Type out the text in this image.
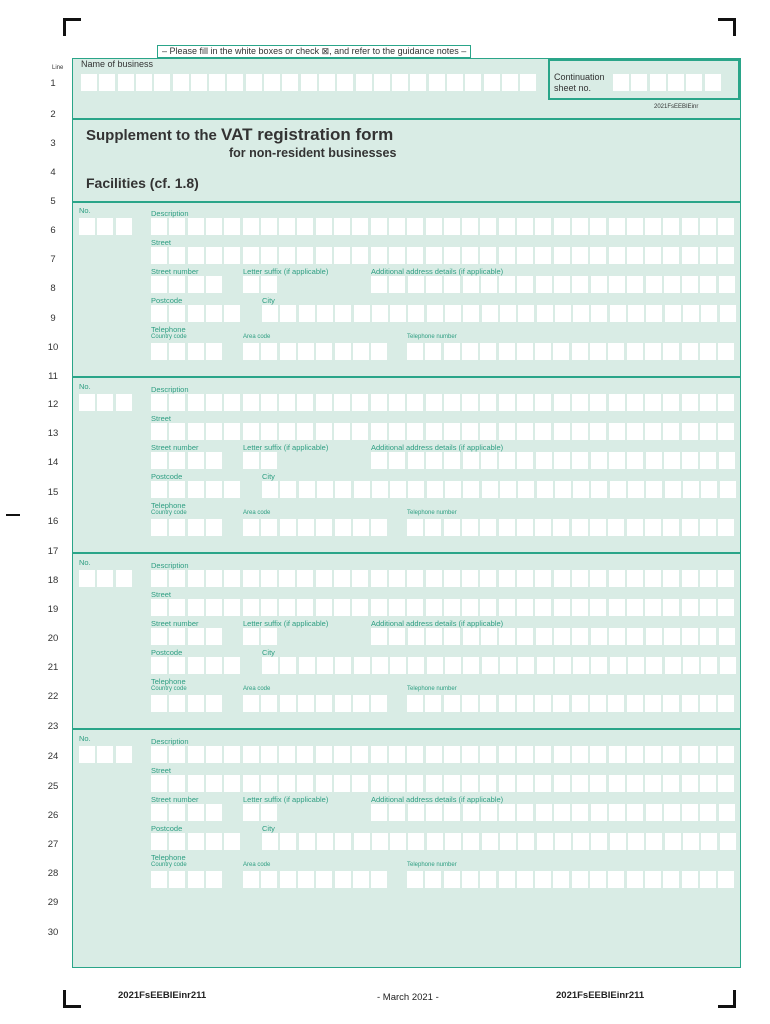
– Please fill in the white boxes or check ⊠, and refer to the guidance notes –
Line
Supplement to the VAT registration form
for non-resident businesses
Facilities (cf. 1.8)
2021FsEEBIEinr
2021FsEEBIEinr211	- March 2021 -	2021FsEEBIEinr211
1
2
3
4
5
6
7
8
9
10
11
12
13
14
15
16
17
18
19
20
21
22
23
24
25
26
27
28
29
30
Name of business
Continuation
sheet no.
No.	Description
Street
Street number	Letter suffix (if applicable)	Additional address details (if applicable)
Postcode	City
Telephone
Country code	Area code	Telephone number
No.	Description
Street
Street number	Letter suffix (if applicable)	Additional address details (if applicable)
Postcode	City
Telephone
Country code	Area code	Telephone number
No.	Description
Street
Street number	Letter suffix (if applicable)	Additional address details (if applicable)
Postcode	City
Telephone
Country code	Area code	Telephone number
No.	Description
Street
Street number	Letter suffix (if applicable)	Additional address details (if applicable)
Postcode	City
Telephone
Country code	Area code	Telephone number
